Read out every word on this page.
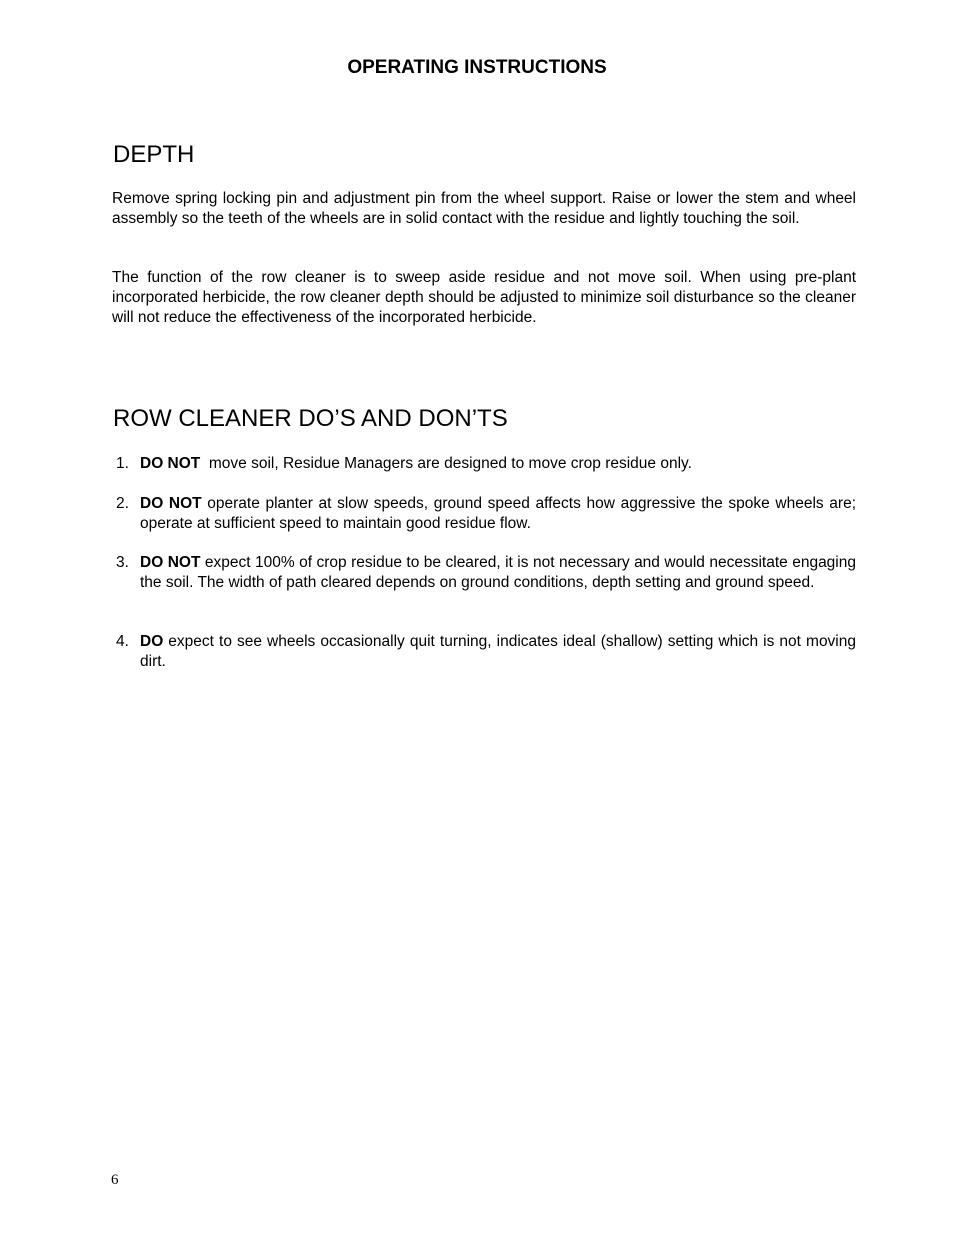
OPERATING INSTRUCTIONS
DEPTH

Remove spring locking pin and adjustment pin from the wheel support. Raise or lower the stem and wheel assembly so the teeth of the wheels are in solid contact with the residue and lightly touching the soil.

The function of the row cleaner is to sweep aside residue and not move soil. When using pre-plant incorporated herbicide, the row cleaner depth should be adjusted to minimize soil disturbance so the cleaner will not reduce the effectiveness of the incorporated herbicide.

ROW CLEANER DO’S AND DON’TS
1. DO NOT  move soil, Residue Managers are designed to move crop residue only.
2. DO NOT operate planter at slow speeds, ground speed affects how aggressive the spoke wheels are; operate at sufficient speed to maintain good residue flow.
3. DO NOT expect 100% of crop residue to be cleared, it is not necessary and would necessitate engaging the soil. The width of path cleared depends on ground conditions, depth setting and ground speed.
4. DO expect to see wheels occasionally quit turning, indicates ideal (shallow) setting which is not moving dirt.

6
